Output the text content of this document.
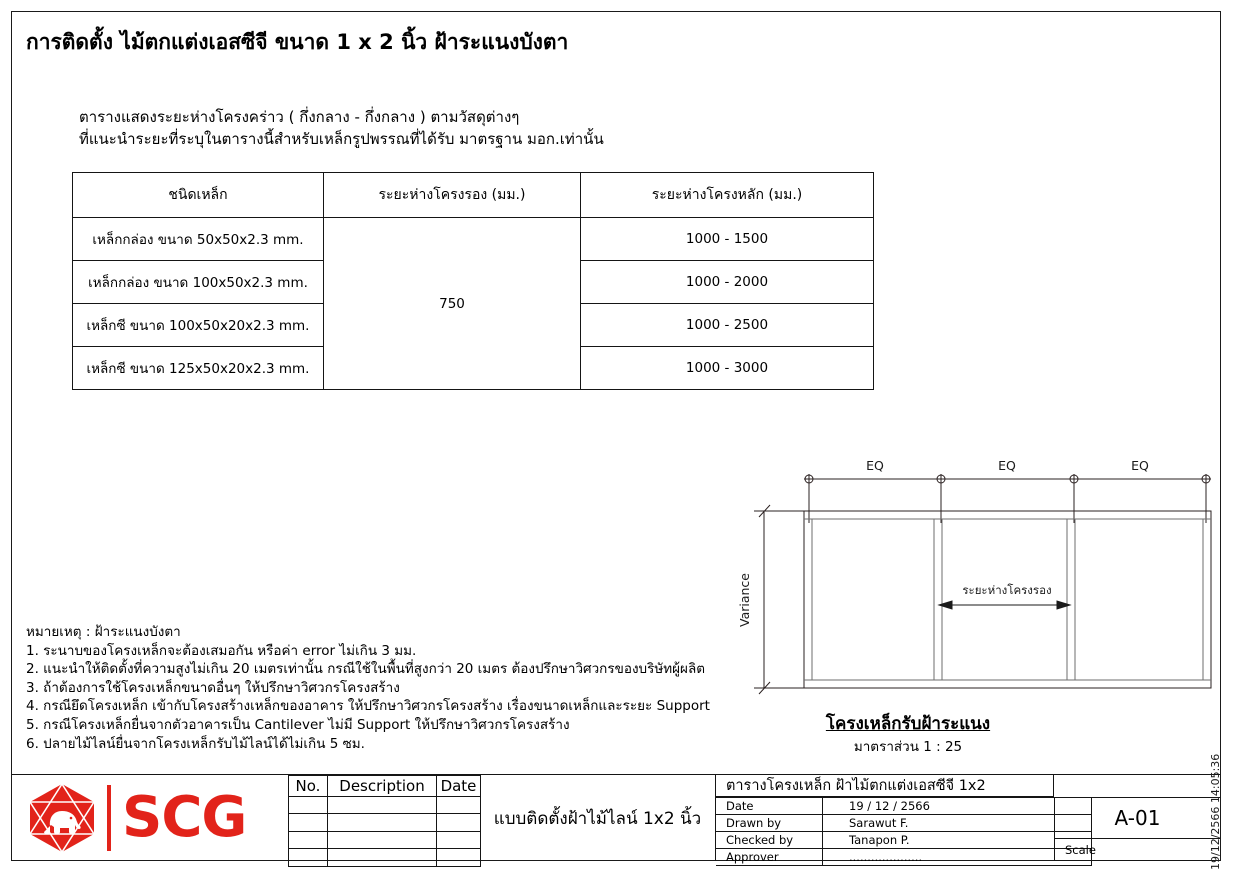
การติดตั้ง ไม้ตกแต่งเอสซีจี ขนาด 1 x 2 นิ้ว ฝ้าระแนงบังตา
ตารางแสดงระยะห่างโครงคร่าว ( กึ่งกลาง - กึ่งกลาง ) ตามวัสดุต่างๆ
ที่แนะนำระยะที่ระบุในตารางนี้สำหรับเหล็กรูปพรรณที่ได้รับ มาตรฐาน มอก.เท่านั้น
ชนิดเหล็ก	ระยะห่างโครงรอง (มม.)	ระยะห่างโครงหลัก (มม.)
เหล็กกล่อง ขนาด 50x50x2.3 mm.	750	1000 - 1500
เหล็กกล่อง ขนาด 100x50x2.3 mm.		1000 - 2000
เหล็กซี ขนาด 100x50x20x2.3 mm.		1000 - 2500
เหล็กซี ขนาด 125x50x20x2.3 mm.		1000 - 3000
หมายเหตุ : ฝ้าระแนงบังตา
1. ระนาบของโครงเหล็กจะต้องเสมอกัน หรือค่า error ไม่เกิน 3 มม.
2. แนะนำให้ติดตั้งที่ความสูงไม่เกิน 20 เมตรเท่านั้น กรณีใช้ในพื้นที่สูงกว่า 20 เมตร ต้องปรึกษาวิศวกรของบริษัทผู้ผลิต
3. ถ้าต้องการใช้โครงเหล็กขนาดอื่นๆ ให้ปรึกษาวิศวกรโครงสร้าง
4. กรณียึดโครงเหล็ก เข้ากับโครงสร้างเหล็กของอาคาร ให้ปรึกษาวิศวกรโครงสร้าง เรื่องขนาดเหล็กและระยะ Support
5. กรณีโครงเหล็กยื่นจากตัวอาคารเป็น Cantilever ไม่มี Support ให้ปรึกษาวิศวกรโครงสร้าง
6. ปลายไม้ไลน์ยื่นจากโครงเหล็กรับไม้ไลน์ได้ไม่เกิน 5 ซม.
EQ	EQ	EQ
Variance	ระยะห่างโครงรอง
โครงเหล็กรับฝ้าระแนง
มาตราส่วน 1 : 25
SCG	No.	Description	Date

แบบติดตั้งฝ้าไม้ไลน์ 1x2 นิ้ว
ตารางโครงเหล็ก ฝ้าไม้ตกแต่งเอสซีจี 1x2
Date	19 / 12 / 2566
Drawn by	Sarawut F.
Checked by	Tanapon P.
Approver	....................
A-01
Scale	19/12/2566 14:05:36
